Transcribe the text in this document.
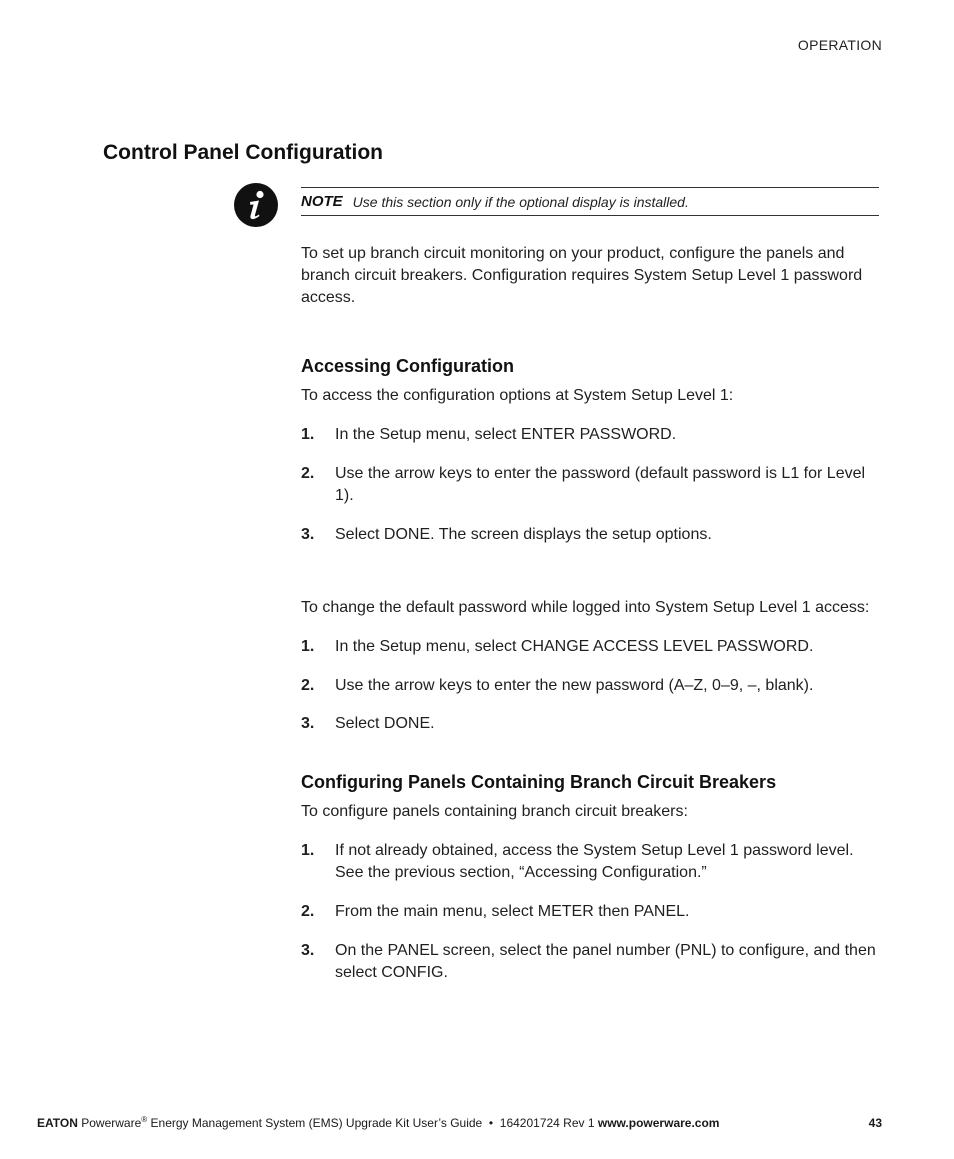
OPERATION
Control Panel Configuration
NOTE Use this section only if the optional display is installed.

To set up branch circuit monitoring on your product, configure the panels and branch circuit breakers. Configuration requires System Setup Level 1 password access.

Accessing Configuration

To access the configuration options at System Setup Level 1:

1. In the Setup menu, select ENTER PASSWORD.
2. Use the arrow keys to enter the password (default password is L1 for Level 1).
3. Select DONE. The screen displays the setup options.

To change the default password while logged into System Setup Level 1 access:

1. In the Setup menu, select CHANGE ACCESS LEVEL PASSWORD.
2. Use the arrow keys to enter the new password (A–Z, 0–9, –, blank).
3. Select DONE.
Configuring Panels Containing Branch Circuit Breakers

To configure panels containing branch circuit breakers:

1. If not already obtained, access the System Setup Level 1 password level. See the previous section, “Accessing Configuration.”
2. From the main menu, select METER then PANEL.
3. On the PANEL screen, select the panel number (PNL) to configure, and then select CONFIG.
EATON Powerware® Energy Management System (EMS) Upgrade Kit User’s Guide • 164201724 Rev 1 www.powerware.com	43
